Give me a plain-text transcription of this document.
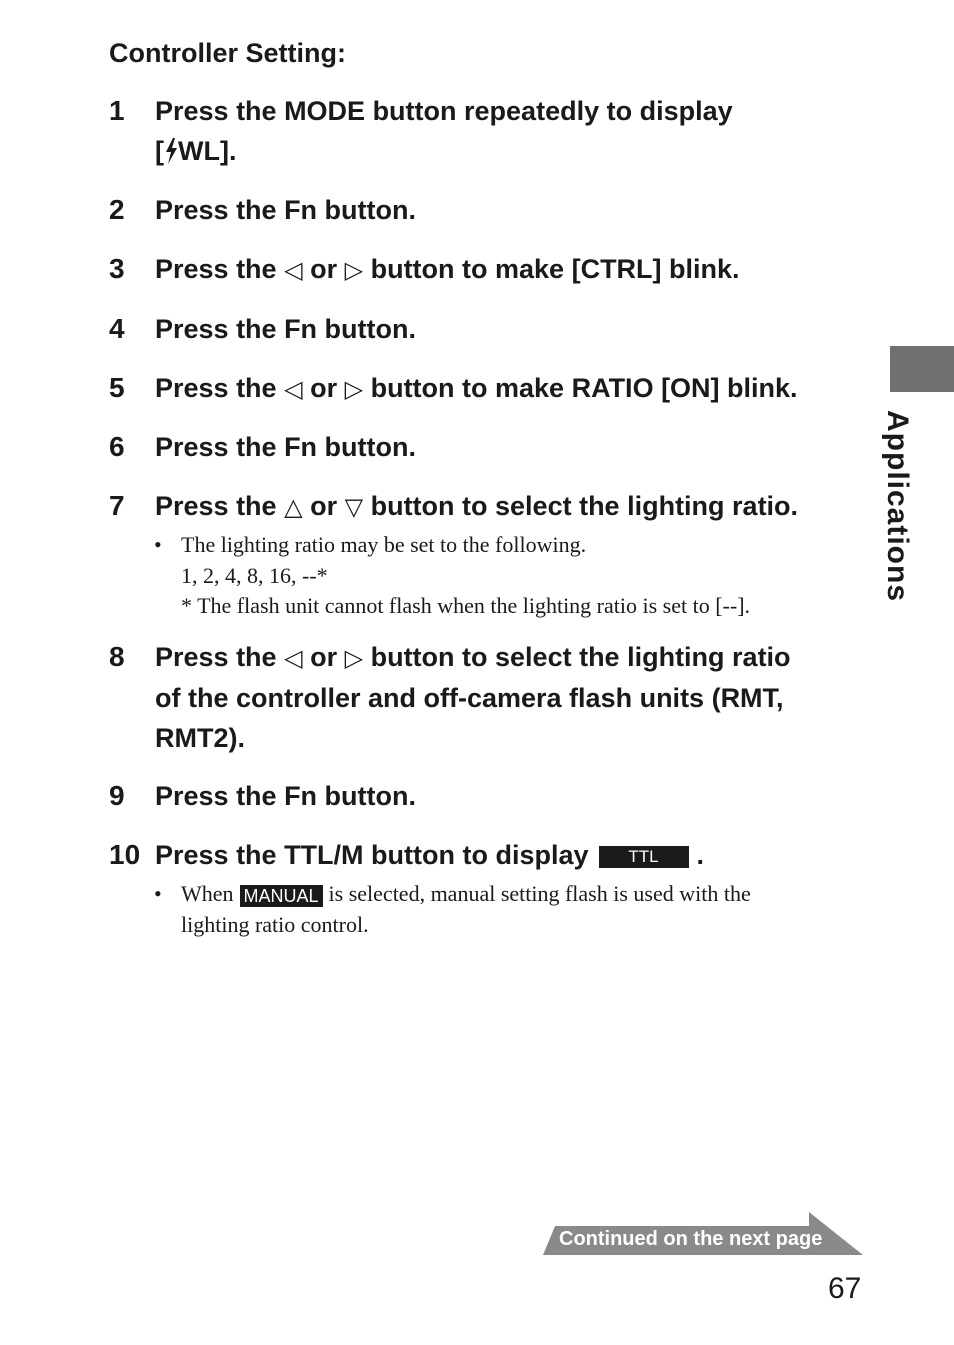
Controller Setting:
1 Press the MODE button repeatedly to display
[ WL].
2 Press the Fn button.
3 Press the ◁ or ▷ button to make [CTRL] blink.
4 Press the Fn button.
5 Press the ◁ or ▷ button to make RATIO [ON] blink.
6 Press the Fn button.
7 Press the △ or ▽ button to select the lighting ratio.
• The lighting ratio may be set to the following.
1, 2, 4, 8, 16, --*
* The flash unit cannot flash when the lighting ratio is set to [--].
8 Press the ◁ or ▷ button to select the lighting ratio
of the controller and off-camera flash units (RMT,
RMT2).
9 Press the Fn button.
10 Press the TTL/M button to display TTL .
• When MANUAL is selected, manual setting flash is used with the
lighting ratio control.
Applications
Continued on the next page
67
